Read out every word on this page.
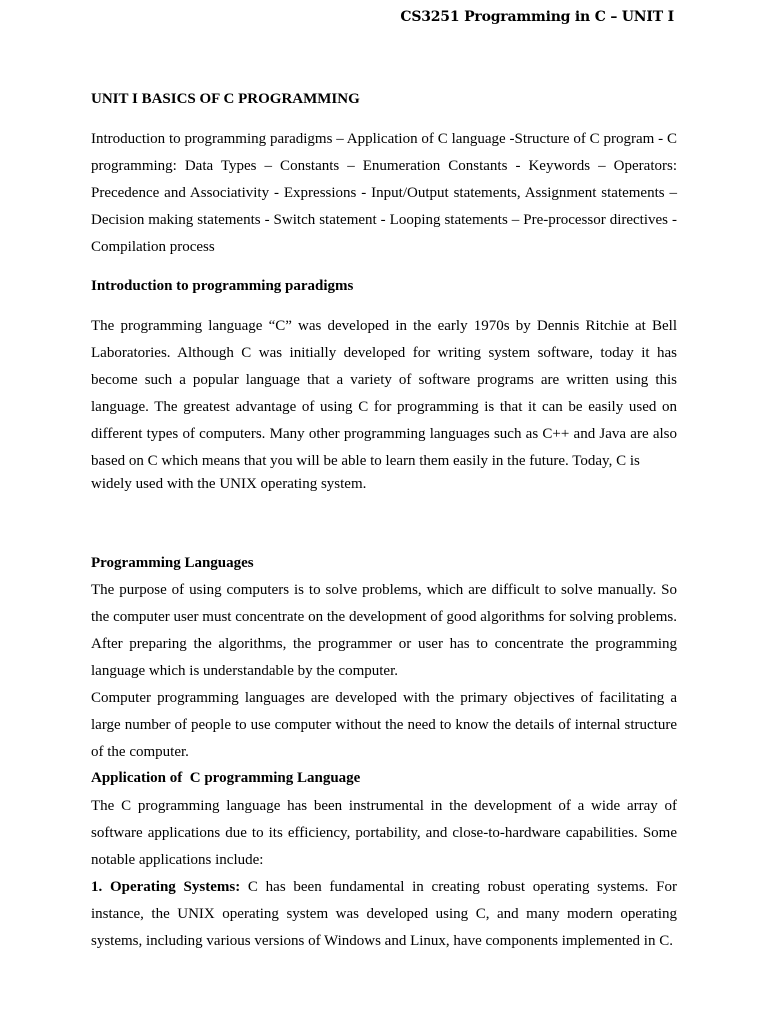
CS3251 Programming in C – UNIT I

UNIT I BASICS OF C PROGRAMMING

Introduction to programming paradigms – Application of C language -Structure of C program - C programming: Data Types – Constants – Enumeration Constants - Keywords – Operators: Precedence and Associativity - Expressions - Input/Output statements, Assignment statements – Decision making statements - Switch statement - Looping statements – Pre-processor directives - Compilation process

Introduction to programming paradigms

The programming language “C” was developed in the early 1970s by Dennis Ritchie at Bell Laboratories. Although C was initially developed for writing system software, today it has become such a popular language that a variety of software programs are written using this language. The greatest advantage of using C for programming is that it can be easily used on different types of computers. Many other programming languages such as C++ and Java are also based on C which means that you will be able to learn them easily in the future. Today, C is

widely used with the UNIX operating system.

Programming Languages

The purpose of using computers is to solve problems, which are difficult to solve manually. So the computer user must concentrate on the development of good algorithms for solving problems. After preparing the algorithms, the programmer or user has to concentrate the programming language which is understandable by the computer.

Computer programming languages are developed with the primary objectives of facilitating a large number of people to use computer without the need to know the details of internal structure of the computer.

Application of  C programming Language

The C programming language has been instrumental in the development of a wide array of software applications due to its efficiency, portability, and close-to-hardware capabilities. Some notable applications include:

1. Operating Systems: C has been fundamental in creating robust operating systems. For instance, the UNIX operating system was developed using C, and many modern operating systems, including various versions of Windows and Linux, have components implemented in C.
